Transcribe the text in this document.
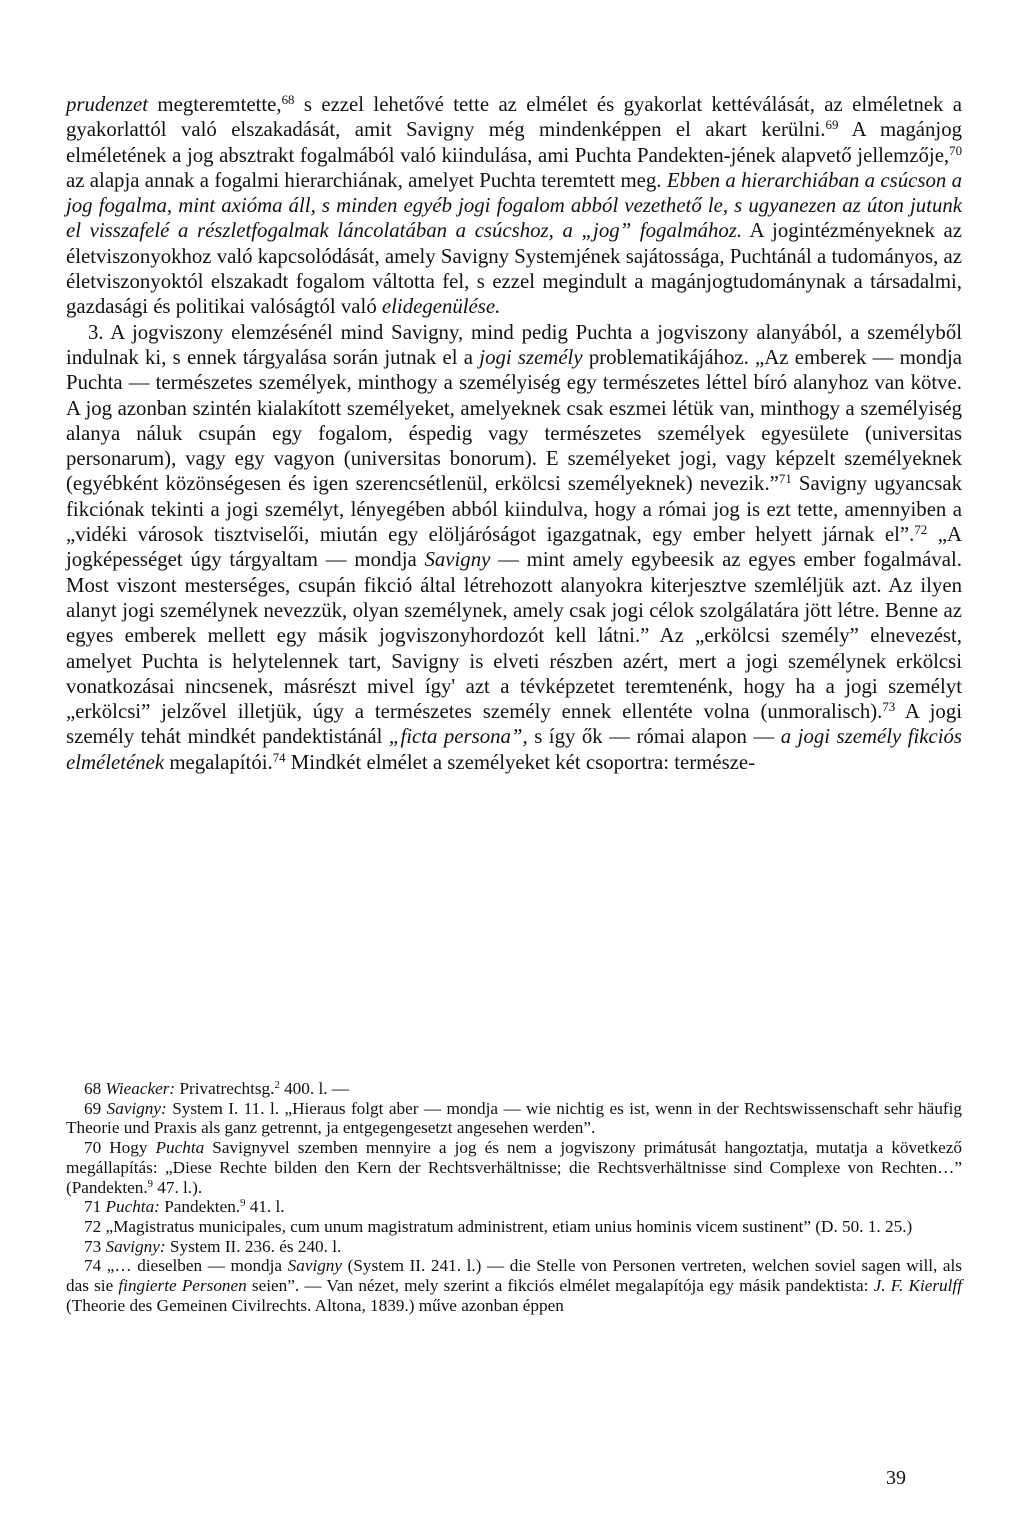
prudenzet megteremtette,$^{68}$ s ezzel lehetővé tette az elmélet és gyakorlat kettéválását, az elméletnek a gyakorlattól való elszakadását, amit Savigny még mindenképpen el akart kerülni.$^{69}$ A magánjog elméletének a jog absztrakt fogalmából való kiindulása, ami Puchta Pandekten-jének alapvető jellemzője,$^{70}$ az alapja annak a fogalmi hierarchiának, amelyet Puchta teremtett meg. Ebben a hierarchiában a csúcson a jog fogalma, mint axióma áll, s minden egyéb jogi fogalom abból vezethető le, s ugyanezen az úton jutunk el visszafelé a részletfogalmak láncolatában a csúcshoz, a „jog” fogalmához. A jogintézményeknek az életviszonyokhoz való kapcsolódását, amely Savigny Systemjének sajátossága, Puchtánál a tudományos, az életviszonyoktól elszakadt fogalom váltotta fel, s ezzel megindult a magánjogtudománynak a társadalmi, gazdasági és politikai valóságtól való elidegenülése.

3. A jogviszony elemzésénél mind Savigny, mind pedig Puchta a jogviszony alanyából, a személyből indulnak ki, s ennek tárgyalása során jutnak el a jogi személy problematikájához. „Az emberek — mondja Puchta — természetes személyek, minthogy a személyiség egy természetes léttel bíró alanyhoz van kötve. A jog azonban szintén kialakított személyeket, amelyeknek csak eszmei létük van, minthogy a személyiség alanya náluk csupán egy fogalom, éspedig vagy természetes személyek egyesülete (universitas personarum), vagy egy vagyon (universitas bonorum). E személyeket jogi, vagy képzelt személyeknek (egyébként közönségesen és igen szerencsétlenül, erkölcsi személyeknek) nevezik.”$^{71}$ Savigny ugyancsak fikciónak tekinti a jogi személyt, lényegében abból kiindulva, hogy a római jog is ezt tette, amennyiben a „vidéki városok tisztviselői, miután egy elöljáróságot igazgatnak, egy ember helyett járnak el”.$^{72}$ „A jogképességet úgy tárgyaltam — mondja Savigny — mint amely egybeesik az egyes ember fogalmával. Most viszont mesterséges, csupán fikció által létrehozott alanyokra kiterjesztve szemléljük azt. Az ilyen alanyt jogi személynek nevezzük, olyan személynek, amely csak jogi célok szolgálatára jött létre. Benne az egyes emberek mellett egy másik jogviszonyhordozót kell látni.” Az „erkölcsi személy” elnevezést, amelyet Puchta is helytelennek tart, Savigny is elveti részben azért, mert a jogi személynek erkölcsi vonatkozásai nincsenek, másrészt mivel így' azt a tévképzetet teremtenénk, hogy ha a jogi személyt „erkölcsi” jelzővel illetjük, úgy a természetes személy ennek ellentéte volna (unmoralisch).$^{73}$ A jogi személy tehát mindkét pandektistánál „ficta persona”, s így ők — római alapon — a jogi személy fikciós elméletének megalapítói.$^{74}$ Mindkét elmélet a személyeket két csoportra: természe-

68 Wieacker: Privatrechtsg.$^2$ 400. l. —

69 Savigny: System I. 11. l. „Hieraus folgt aber — mondja — wie nichtig es ist, wenn in der Rechtswissenschaft sehr häufig Theorie und Praxis als ganz getrennt, ja entgegengesetzt angesehen werden”.

70 Hogy Puchta Savignyvel szemben mennyire a jog és nem a jogviszony primátusát hangoztatja, mutatja a következő megállapítás: „Diese Rechte bilden den Kern der Rechtsverhältnisse; die Rechtsverhältnisse sind Complexe von Rechten…” (Pandekten.$^9$ 47. l.).

71 Puchta: Pandekten.$^9$ 41. l.

72 „Magistratus municipales, cum unum magistratum administrent, etiam unius hominis vicem sustinent” (D. 50. 1. 25.)

73 Savigny: System II. 236. és 240. l.

74 „… dieselben — mondja Savigny (System II. 241. l.) — die Stelle von Personen vertreten, welchen soviel sagen will, als das sie fingierte Personen seien”. — Van nézet, mely szerint a fikciós elmélet megalapítója egy másik pandektista: J. F. Kierulff (Theorie des Gemeinen Civilrechts. Altona, 1839.) műve azonban éppen

39
